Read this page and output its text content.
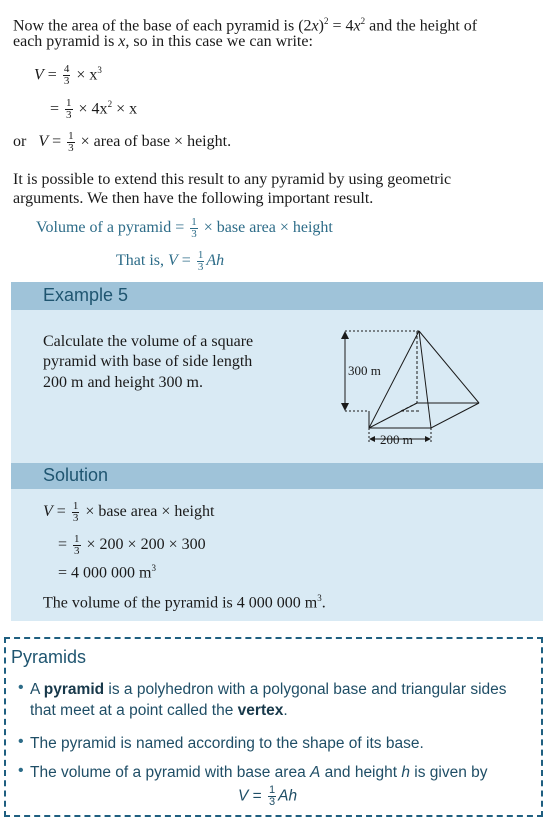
Now the area of the base of each pyramid is $(2x)^2 = 4x^2$ and the height of
each pyramid is x, so in this case we can write:
$V = \frac{4}{3} \times x^3$
= $\frac{1}{3} \times 4x^2 \times x$
or $V = \frac{1}{3}$ × area of base × height.
It is possible to extend this result to any pyramid by using geometric
arguments. We then have the following important result.
Volume of a pyramid = $\frac{1}{3}$ × base area × height
That is, $V = \frac{1}{3}$ Ah
Example 5
Calculate the volume of a square
pyramid with base of side length
200 m and height 300 m.
300 m
200 m
Solution
$V = \frac{1}{3}$ × base area × height
= $\frac{1}{3} \times 200 \times 200 \times 300$
= 4 000 000 $m^3$
The volume of the pyramid is 4 000 000 $m^3$.
Pyramids
• A pyramid is a polyhedron with a polygonal base and triangular sides
that meet at a point called the vertex.
• The pyramid is named according to the shape of its base.
• The volume of a pyramid with base area A and height h is given by
$V = \frac{1}{3}$ Ah
